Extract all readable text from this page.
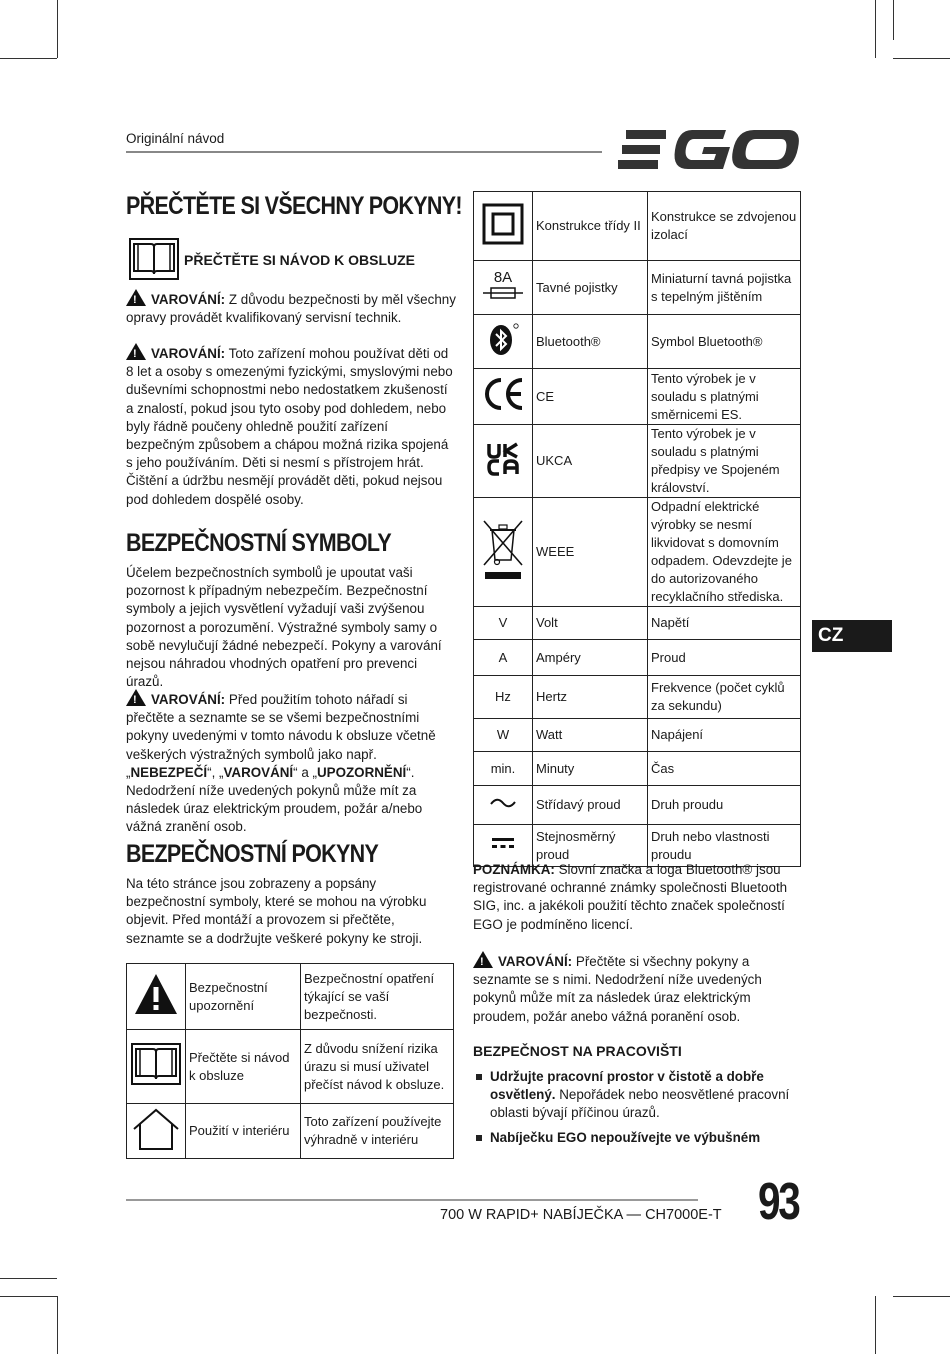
Originální návod
PŘEČTĚTE SI VŠECHNY POKYNY!
PŘEČTĚTE SI NÁVOD K OBSLUZE
!VAROVÁNÍ: Z důvodu bezpečnosti by měl všechny opravy provádět kvalifikovaný servisní technik.
!VAROVÁNÍ: Toto zařízení mohou používat děti od 8 let a osoby s omezenými fyzickými, smyslovými nebo duševními schopnostmi nebo nedostatkem zkušeností a znalostí, pokud jsou tyto osoby pod dohledem, nebo byly řádně poučeny ohledně použití zařízení bezpečným způsobem a chápou možná rizika spojená s jeho používáním. Děti si nesmí s přístrojem hrát. Čištění a údržbu nesmějí provádět děti, pokud nejsou pod dohledem dospělé osoby.
BEZPEČNOSTNÍ SYMBOLY
Účelem bezpečnostních symbolů je upoutat vaši pozornost k případným nebezpečím. Bezpečnostní symboly a jejich vysvětlení vyžadují vaši zvýšenou pozornost a porozumění. Výstražné symboly samy o sobě nevylučují žádné nebezpečí. Pokyny a varování nejsou náhradou vhodných opatření pro prevenci úrazů.
!VAROVÁNÍ: Před použitím tohoto nářadí si přečtěte a seznamte se se všemi bezpečnostními pokyny uvedenými v tomto návodu k obsluze včetně veškerých výstražných symbolů jako např. „NEBEZPEČÍ“, „VAROVÁNÍ“ a „UPOZORNĚNÍ“. Nedodržení níže uvedených pokynů může mít za následek úraz elektrickým proudem, požár a/nebo vážná zranění osob.
BEZPEČNOSTNÍ POKYNY
Na této stránce jsou zobrazeny a popsány bezpečnostní symboly, které se mohou na výrobku objevit. Před montáží a provozem si přečtěte, seznamte se a dodržujte veškeré pokyny ke stroji.
	Bezpečnostní upozornění	Bezpečnostní opatření týkající se vaší bezpečnosti.
	Přečtěte si návod k obsluze	Z důvodu snížení rizika úrazu si musí uživatel přečíst návod k obsluze.
	Použití v interiéru	Toto zařízení používejte výhradně v interiéru
	Konstrukce třídy II	Konstrukce se zdvojenou izolací

8A	Tavné pojistky	Miniaturní tavná pojistka s tepelným jištěním
	Bluetooth®	Symbol Bluetooth®
	CE	Tento výrobek je v souladu s platnými směrnicemi ES.
	UKCA	Tento výrobek je v souladu s platnými předpisy ve Spojeném království.
	WEEE	Odpadní elektrické výrobky se nesmí likvidovat s domovním odpadem. Odevzdejte je do autorizovaného recyklačního střediska.
V	Volt	Napětí
A	Ampéry	Proud
Hz	Hertz	Frekvence (počet cyklů za sekundu)
W	Watt	Napájení
min.	Minuty	Čas
	Střídavý proud	Druh proudu
	Stejnosměrný proud	Druh nebo vlastnosti proudu
POZNÁMKA: Slovní značka a loga Bluetooth® jsou registrované ochranné známky společnosti Bluetooth SIG, inc. a jakékoli použití těchto značek společností EGO je podmíněno licencí.
!VAROVÁNÍ: Přečtěte si všechny pokyny a seznamte se s nimi. Nedodržení níže uvedených pokynů může mít za následek úraz elektrickým proudem, požár anebo vážná poranění osob.
BEZPEČNOST NA PRACOVIŠTI
Udržujte pracovní prostor v čistotě a dobře osvětlený. Nepořádek nebo neosvětlené pracovní oblasti bývají příčinou úrazů.
Nabíječku EGO nepoužívejte ve výbušném
CZ
700 W RAPID+ NABÍJEČKA — CH7000E-T 93
